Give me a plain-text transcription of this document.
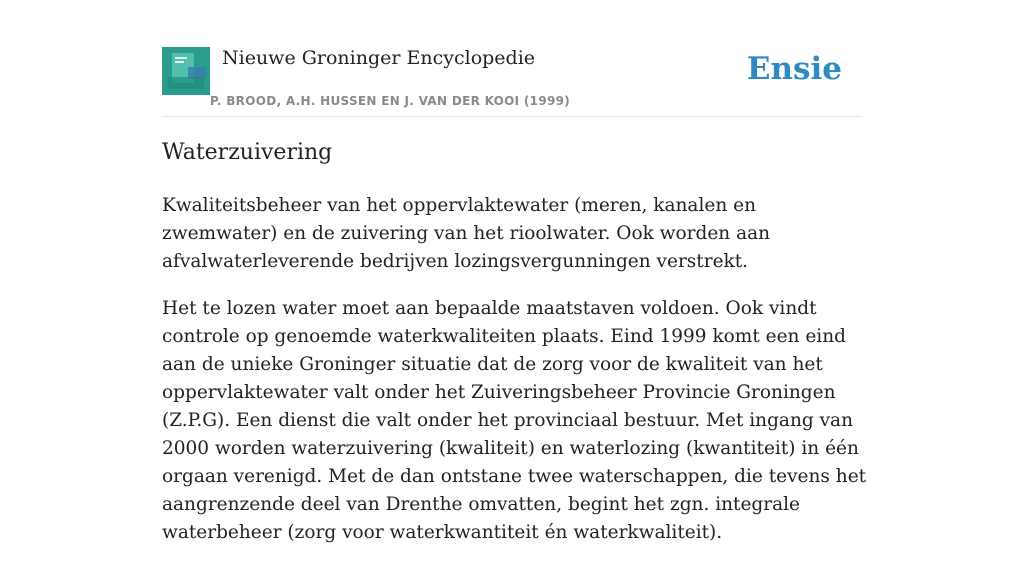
Nieuwe Groninger Encyclopedie
P. BROOD, A.H. HUSSEN EN J. VAN DER KOOI (1999)
Ensie
Waterzuivering

Kwaliteitsbeheer van het oppervlaktewater (meren, kanalen en zwemwater) en de zuivering van het rioolwater. Ook worden aan afvalwaterleverende bedrijven lozingsvergunningen verstrekt.

Het te lozen water moet aan bepaalde maatstaven voldoen. Ook vindt controle op genoemde waterkwaliteiten plaats. Eind 1999 komt een eind aan de unieke Groninger situatie dat de zorg voor de kwaliteit van het oppervlaktewater valt onder het Zuiveringsbeheer Provincie Groningen (Z.P.G). Een dienst die valt onder het provinciaal bestuur. Met ingang van 2000 worden waterzuivering (kwaliteit) en waterlozing (kwantiteit) in één orgaan verenigd. Met de dan ontstane twee waterschappen, die tevens het aangrenzende deel van Drenthe omvatten, begint het zgn. integrale waterbeheer (zorg voor waterkwantiteit én waterkwaliteit).
